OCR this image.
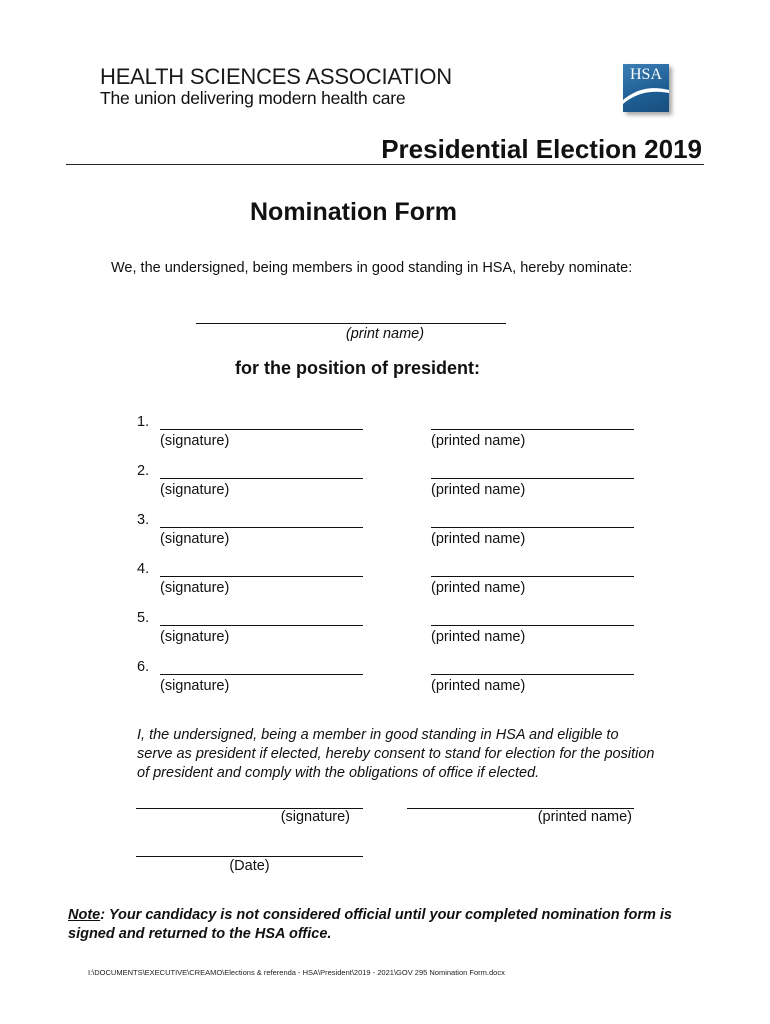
HEALTH SCIENCES ASSOCIATION
The union delivering modern health care
HSA
Presidential Election 2019
Nomination Form
We, the undersigned, being members in good standing in HSA, hereby nominate:
(print name)
for the position of president:
1.
(signature)	(printed name)
2.
(signature)	(printed name)
3.
(signature)	(printed name)
4.
(signature)	(printed name)
5.
(signature)	(printed name)
6.
(signature)	(printed name)
I, the undersigned, being a member in good standing in HSA and eligible to serve as president if elected, hereby consent to stand for election for the position of president and comply with the obligations of office if elected.
(signature)	(printed name)
(Date)
Note: Your candidacy is not considered official until your completed nomination form is signed and returned to the HSA office.
I:\DOCUMENTS\EXECUTIVE\CREAMO\Elections & referenda - HSA\President\2019 - 2021\GOV 295 Nomination Form.docx
